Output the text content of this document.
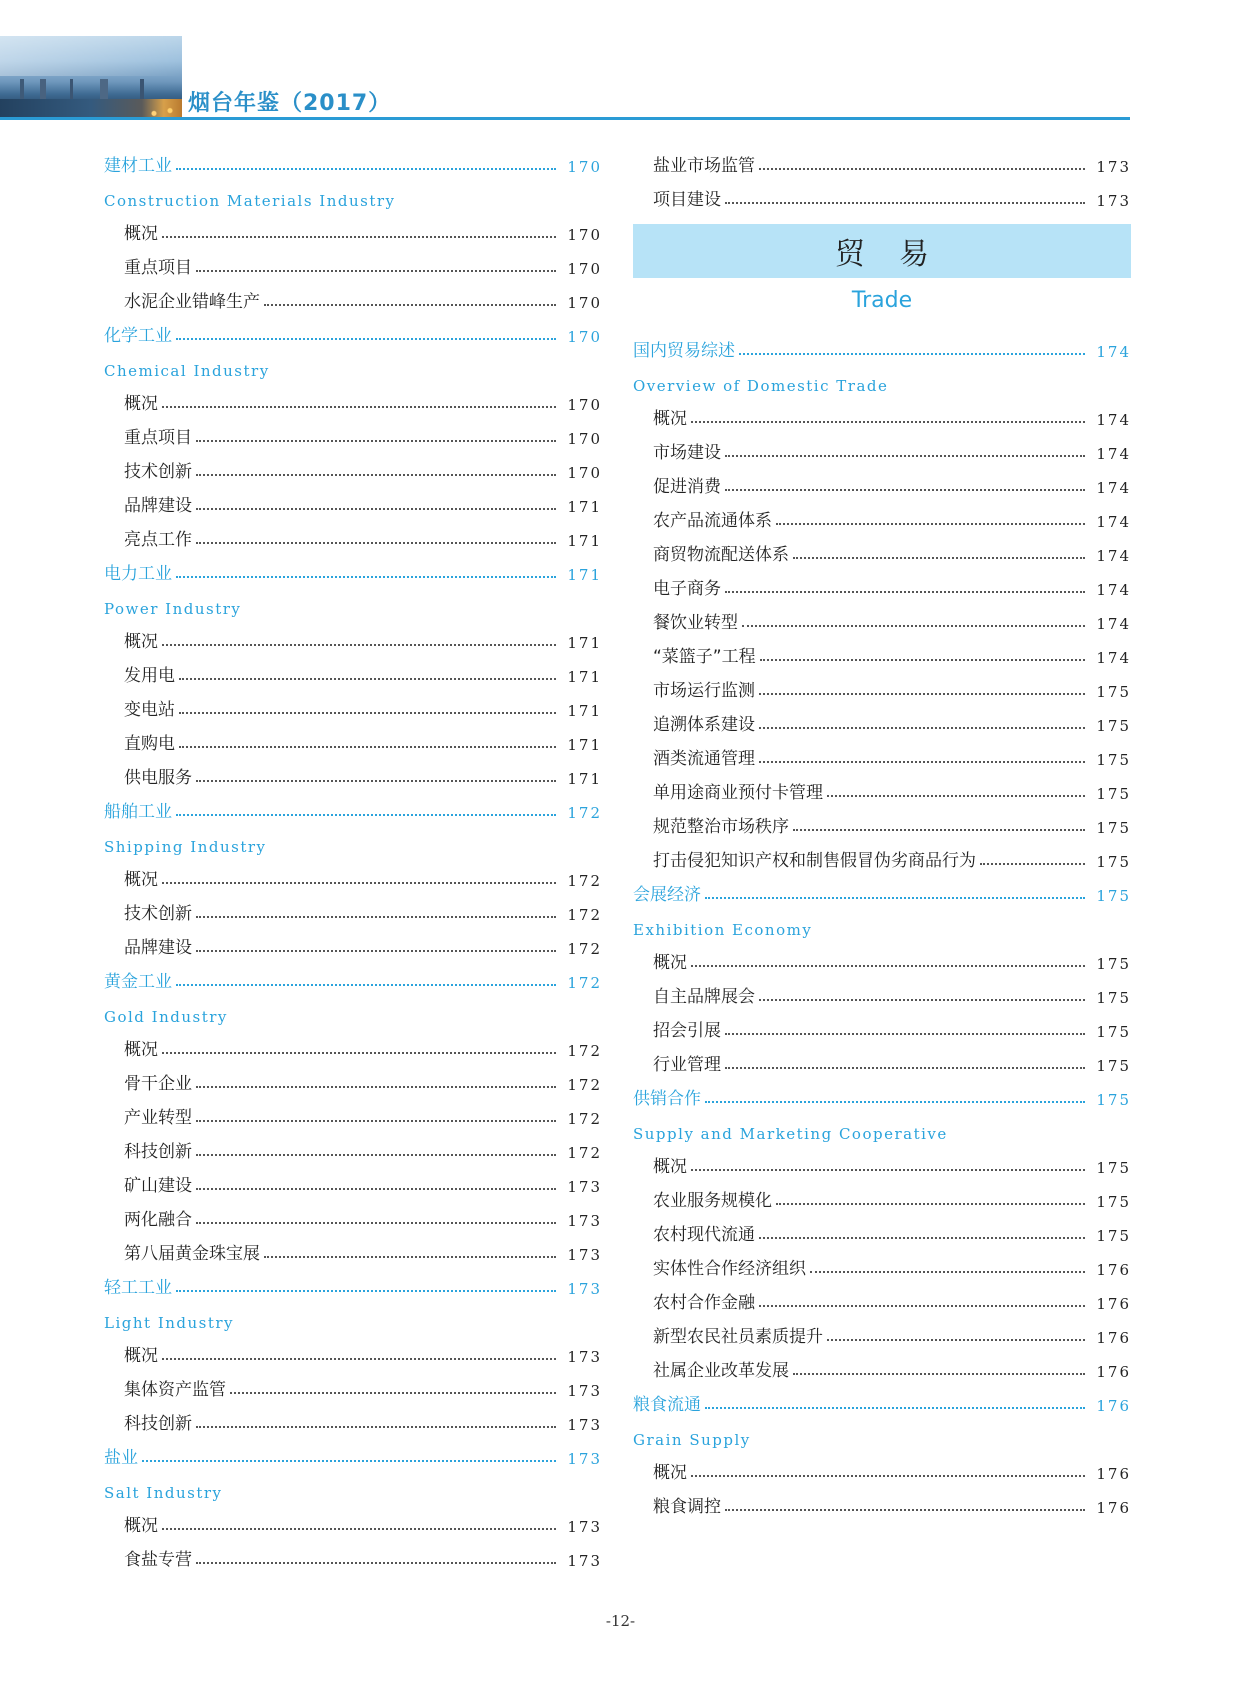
烟台年鉴（2017）
建材工业	170
Construction Materials Industry
概况	170
重点项目	170
水泥企业错峰生产	170
化学工业	170
Chemical Industry
概况	170
重点项目	170
技术创新	170
品牌建设	171
亮点工作	171
电力工业	171
Power Industry
概况	171
发用电	171
变电站	171
直购电	171
供电服务	171
船舶工业	172
Shipping Industry
概况	172
技术创新	172
品牌建设	172
黄金工业	172
Gold Industry
概况	172
骨干企业	172
产业转型	172
科技创新	172
矿山建设	173
两化融合	173
第八届黄金珠宝展	173
轻工工业	173
Light Industry
概况	173
集体资产监管	173
科技创新	173
盐业	173
Salt Industry
概况	173
食盐专营	173
盐业市场监管	173
项目建设	173
贸易
Trade
国内贸易综述	174
Overview of Domestic Trade
概况	174
市场建设	174
促进消费	174
农产品流通体系	174
商贸物流配送体系	174
电子商务	174
餐饮业转型	174
“菜篮子”工程	174
市场运行监测	175
追溯体系建设	175
酒类流通管理	175
单用途商业预付卡管理	175
规范整治市场秩序	175
打击侵犯知识产权和制售假冒伪劣商品行为	175
会展经济	175
Exhibition Economy
概况	175
自主品牌展会	175
招会引展	175
行业管理	175
供销合作	175
Supply and Marketing Cooperative
概况	175
农业服务规模化	175
农村现代流通	175
实体性合作经济组织	176
农村合作金融	176
新型农民社员素质提升	176
社属企业改革发展	176
粮食流通	176
Grain Supply
概况	176
粮食调控	176
-12-
